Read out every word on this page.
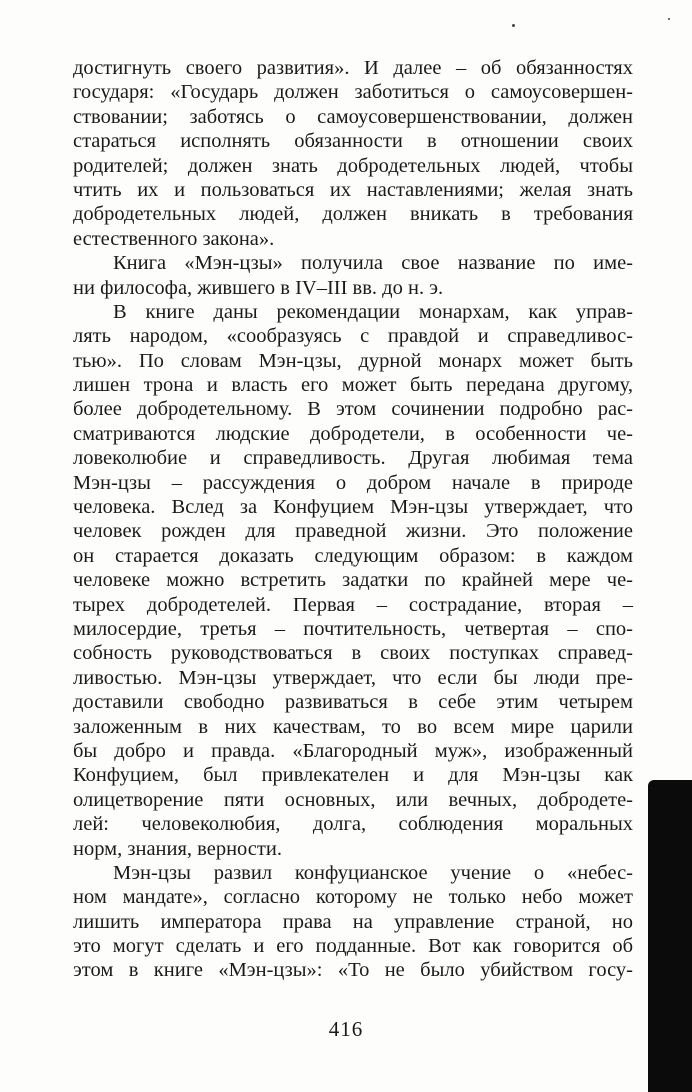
достигнуть своего развития». И далее – об обязанностях
государя: «Государь должен заботиться о самоусовершен-
ствовании; заботясь о самоусовершенствовании, должен
стараться исполнять обязанности в отношении своих
родителей; должен знать добродетельных людей, чтобы
чтить их и пользоваться их наставлениями; желая знать
добродетельных людей, должен вникать в требования
естественного закона».
Книга «Мэн-цзы» получила свое название по име-
ни философа, жившего в IV–III вв. до н. э.
В книге даны рекомендации монархам, как управ-
лять народом, «сообразуясь с правдой и справедливос-
тью». По словам Мэн-цзы, дурной монарх может быть
лишен трона и власть его может быть передана другому,
более добродетельному. В этом сочинении подробно рас-
сматриваются людские добродетели, в особенности че-
ловеколюбие и справедливость. Другая любимая тема
Мэн-цзы – рассуждения о добром начале в природе
человека. Вслед за Конфуцием Мэн-цзы утверждает, что
человек рожден для праведной жизни. Это положение
он старается доказать следующим образом: в каждом
человеке можно встретить задатки по крайней мере че-
тырех добродетелей. Первая – сострадание, вторая –
милосердие, третья – почтительность, четвертая – спо-
собность руководствоваться в своих поступках справед-
ливостью. Мэн-цзы утверждает, что если бы люди пре-
доставили свободно развиваться в себе этим четырем
заложенным в них качествам, то во всем мире царили
бы добро и правда. «Благородный муж», изображенный
Конфуцием, был привлекателен и для Мэн-цзы как
олицетворение пяти основных, или вечных, добродете-
лей: человеколюбия, долга, соблюдения моральных
норм, знания, верности.
Мэн-цзы развил конфуцианское учение о «небес-
ном мандате», согласно которому не только небо может
лишить императора права на управление страной, но
это могут сделать и его подданные. Вот как говорится об
этом в книге «Мэн-цзы»: «То не было убийством госу-
416
